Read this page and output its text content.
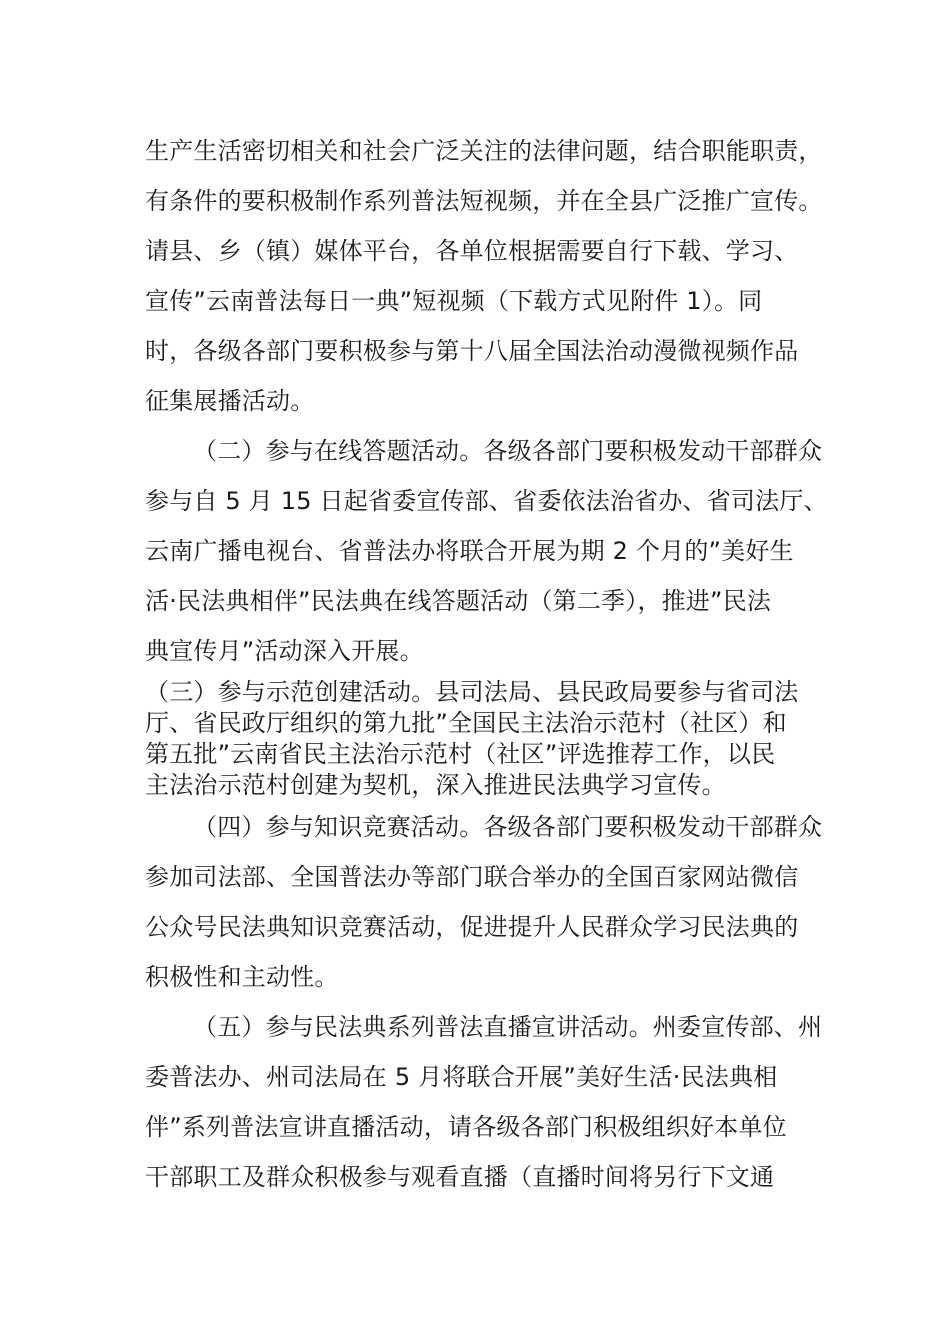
生产生活密切相关和社会广泛关注的法律问题，结合职能职责，
有条件的要积极制作系列普法短视频，并在全县广泛推广宣传。
请县、乡（镇）媒体平台，各单位根据需要自行下载、学习、
宣传”云南普法每日一典”短视频（下载方式见附件 1）。同
时，各级各部门要积极参与第十八届全国法治动漫微视频作品
征集展播活动。
（二）参与在线答题活动。各级各部门要积极发动干部群众
参与自 5 月 15 日起省委宣传部、省委依法治省办、省司法厅、
云南广播电视台、省普法办将联合开展为期 2 个月的”美好生
活·民法典相伴”民法典在线答题活动（第二季），推进”民法
典宣传月”活动深入开展。
（三）参与示范创建活动。县司法局、县民政局要参与省司法
厅、省民政厅组织的第九批”全国民主法治示范村（社区）和
第五批”云南省民主法治示范村（社区”评选推荐工作，以民
主法治示范村创建为契机，深入推进民法典学习宣传。
（四）参与知识竞赛活动。各级各部门要积极发动干部群众
参加司法部、全国普法办等部门联合举办的全国百家网站微信
公众号民法典知识竞赛活动，促进提升人民群众学习民法典的
积极性和主动性。
（五）参与民法典系列普法直播宣讲活动。州委宣传部、州
委普法办、州司法局在 5 月将联合开展”美好生活·民法典相
伴”系列普法宣讲直播活动，请各级各部门积极组织好本单位
干部职工及群众积极参与观看直播（直播时间将另行下文通
